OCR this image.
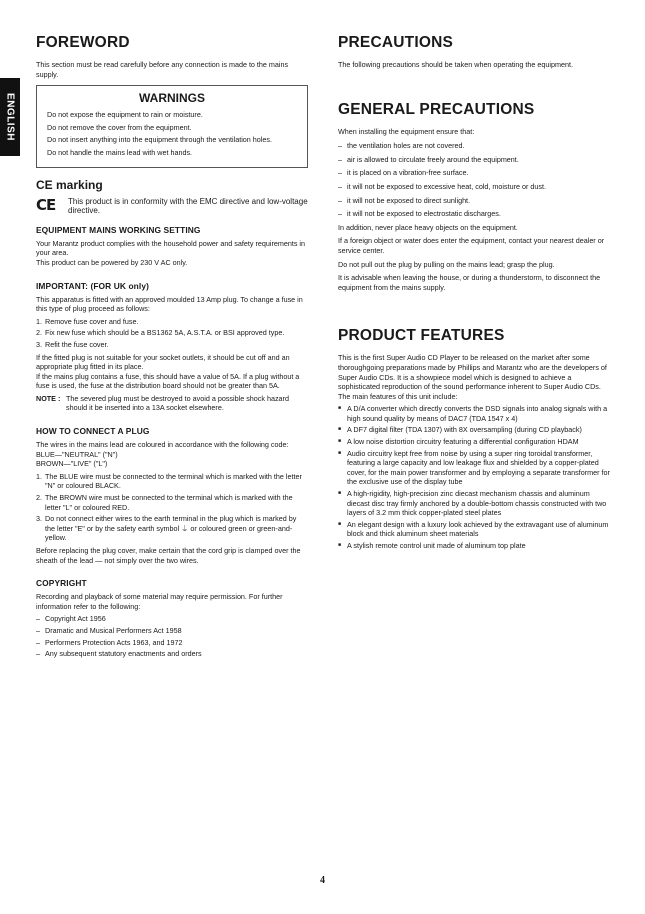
ENGLISH
FOREWORD

This section must be read carefully before any connection is made to the mains supply.

WARNINGS

Do not expose the equipment to rain or moisture.

Do not remove the cover from the equipment.

Do not insert anything into the equipment through the ventilation holes.

Do not handle the mains lead with wet hands.

CE marking
CE	This product is in conformity with the EMC directive and low-voltage directive.
EQUIPMENT MAINS WORKING SETTING

Your Marantz product complies with the household power and safety requirements in your area.

This product can be powered by 230 V AC only.

IMPORTANT: (FOR UK only)

This apparatus is fitted with an approved moulded 13 Amp plug. To change a fuse in this type of plug proceed as follows:

1. Remove fuse cover and fuse.
2. Fix new fuse which should be a BS1362 5A, A.S.T.A. or BSI approved type.
3. Refit the fuse cover.

If the fitted plug is not suitable for your socket outlets, it should be cut off and an appropriate plug fitted in its place.

If the mains plug contains a fuse, this should have a value of 5A. If a plug without a fuse is used, the fuse at the distribution board should not be greater than 5A.

NOTE : The severed plug must be destroyed to avoid a possible shock hazard should it be inserted into a 13A socket elsewhere.
HOW TO CONNECT A PLUG

The wires in the mains lead are coloured in accordance with the following code:

BLUE—"NEUTRAL" ("N")

BROWN—"LIVE" ("L")

1. The BLUE wire must be connected to the terminal which is marked with the letter "N" or coloured BLACK.
2. The BROWN wire must be connected to the terminal which is marked with the letter "L" or coloured RED.
3. Do not connect either wires to the earth terminal in the plug which is marked by the letter "E" or by the safety earth symbol ⏚ or coloured green or green-and-yellow.

Before replacing the plug cover, make certain that the cord grip is clamped over the sheath of the lead — not simply over the two wires.

COPYRIGHT

Recording and playback of some material may require permission. For further information refer to the following:

– Copyright Act 1956
– Dramatic and Musical Performers Act 1958
– Performers Protection Acts 1963, and 1972
– Any subsequent statutory enactments and orders
PRECAUTIONS

The following precautions should be taken when operating the equipment.

GENERAL PRECAUTIONS

When installing the equipment ensure that:

– the ventilation holes are not covered.
– air is allowed to circulate freely around the equipment.
– it is placed on a vibration-free surface.
– it will not be exposed to excessive heat, cold, moisture or dust.
– it will not be exposed to direct sunlight.
– it will not be exposed to electrostatic discharges.

In addition, never place heavy objects on the equipment.

If a foreign object or water does enter the equipment, contact your nearest dealer or service center.

Do not pull out the plug by pulling on the mains lead; grasp the plug.

It is advisable when leaving the house, or during a thunderstorm, to disconnect the equipment from the mains supply.

PRODUCT FEATURES

This is the first Super Audio CD Player to be released on the market after some thoroughgoing preparations made by Phillips and Marantz who are the developers of Super Audio CDs. It is a showpiece model which is designed to achieve a sophisticated reproduction of the sound performance inherent to Super Audio CDs. The main features of this unit include:

■ A D/A converter which directly converts the DSD signals into analog signals with a high sound quality by means of DAC7 (TDA 1547 x 4)
■ A DF7 digital filter (TDA 1307) with 8X oversampling (during CD playback)
■ A low noise distortion circuitry featuring a differential configuration HDAM
■ Audio circuitry kept free from noise by using a super ring toroidal transformer, featuring a large capacity and low leakage flux and shielded by a copper-plated cover, for the main power transformer and by employing a separate transformer for the exclusive use of the display tube
■ A high-rigidity, high-precision zinc diecast mechanism chassis and aluminum diecast disc tray firmly anchored by a double-bottom chassis constructed with two layers of 3.2 mm thick copper-plated steel plates
■ An elegant design with a luxury look achieved by the extravagant use of aluminum block and thick aluminum sheet materials
■ A stylish remote control unit made of aluminum top plate
4
